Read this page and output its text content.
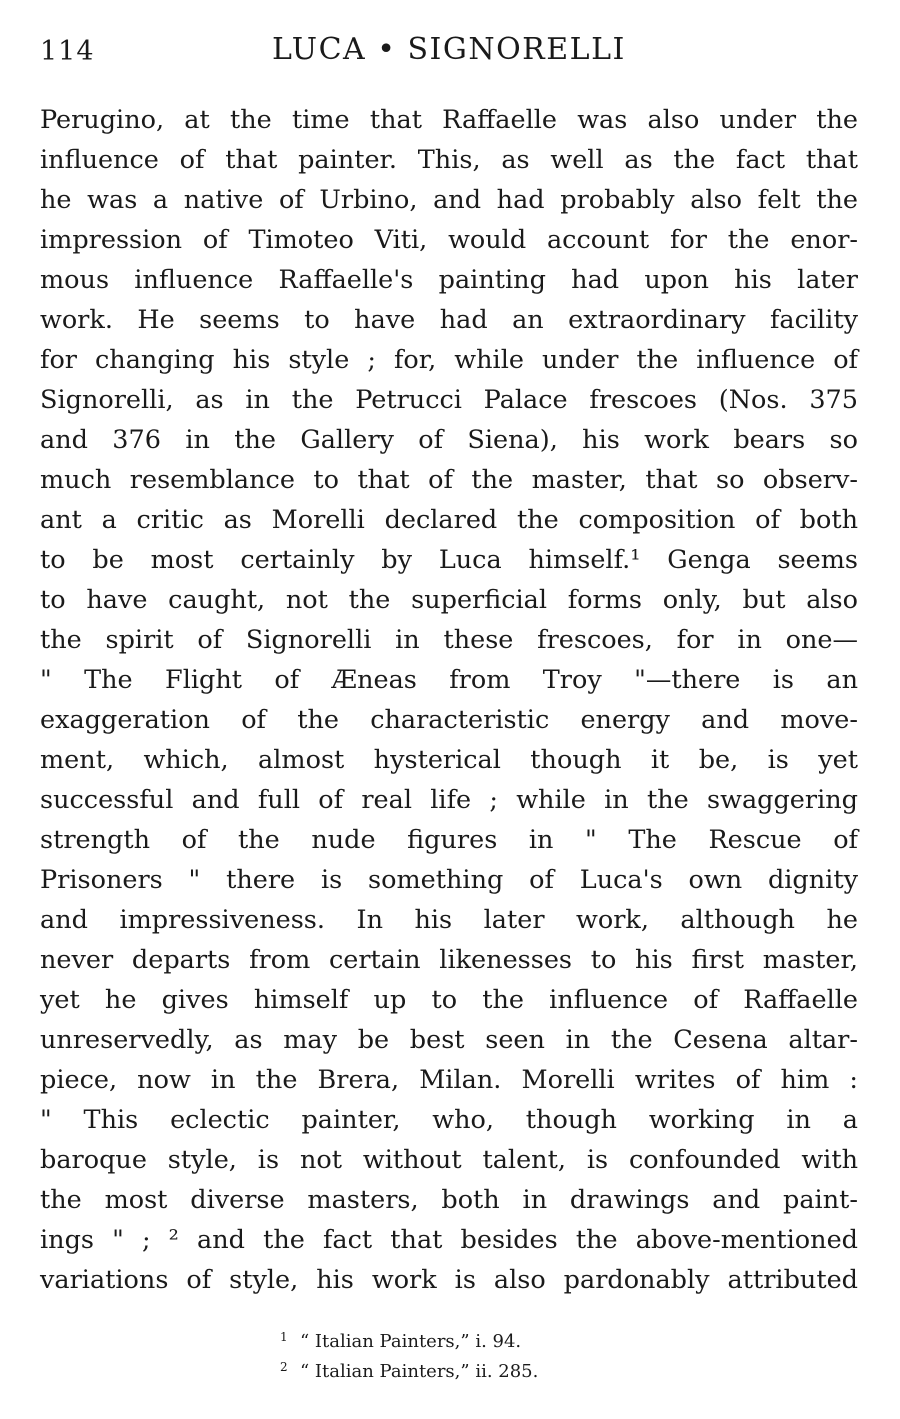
114	LUCA • SIGNORELLI
Perugino, at the time that Raffaelle was also under the
influence of that painter. This, as well as the fact that
he was a native of Urbino, and had probably also felt the
impression of Timoteo Viti, would account for the enor-
mous influence Raffaelle's painting had upon his later
work. He seems to have had an extraordinary facility
for changing his style ; for, while under the influence of
Signorelli, as in the Petrucci Palace frescoes (Nos. 375
and 376 in the Gallery of Siena), his work bears so
much resemblance to that of the master, that so observ-
ant a critic as Morelli declared the composition of both
to be most certainly by Luca himself.¹ Genga seems
to have caught, not the superficial forms only, but also
the spirit of Signorelli in these frescoes, for in one—
" The Flight of Æneas from Troy "—there is an
exaggeration of the characteristic energy and move-
ment, which, almost hysterical though it be, is yet
successful and full of real life ; while in the swaggering
strength of the nude figures in " The Rescue of
Prisoners " there is something of Luca's own dignity
and impressiveness. In his later work, although he
never departs from certain likenesses to his first master,
yet he gives himself up to the influence of Raffaelle
unreservedly, as may be best seen in the Cesena altar-
piece, now in the Brera, Milan. Morelli writes of him :
" This eclectic painter, who, though working in a
baroque style, is not without talent, is confounded with
the most diverse masters, both in drawings and paint-
ings " ; ² and the fact that besides the above-mentioned
variations of style, his work is also pardonably attributed
1 “ Italian Painters,” i. 94.
2 “ Italian Painters,” ii. 285.
